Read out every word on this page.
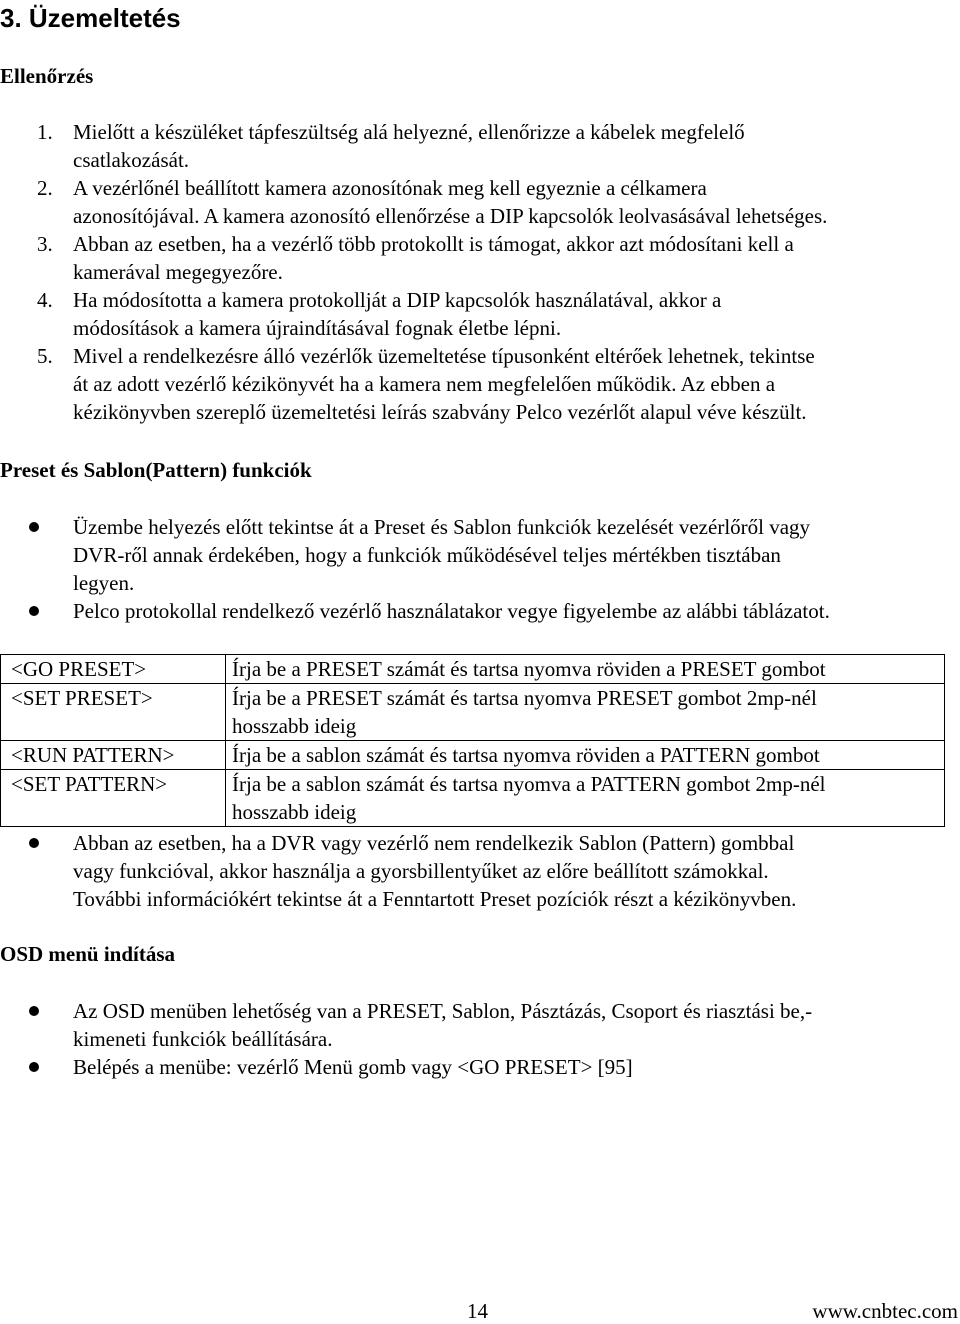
3. Üzemeltetés
Ellenőrzés
1. Mielőtt a készüléket tápfeszültség alá helyezné, ellenőrizze a kábelek megfelelő
csatlakozását.
2. A vezérlőnél beállított kamera azonosítónak meg kell egyeznie a célkamera
azonosítójával. A kamera azonosító ellenőrzése a DIP kapcsolók leolvasásával lehetséges.
3. Abban az esetben, ha a vezérlő több protokollt is támogat, akkor azt módosítani kell a
kamerával megegyezőre.
4. Ha módosította a kamera protokollját a DIP kapcsolók használatával, akkor a
módosítások a kamera újraindításával fognak életbe lépni.
5. Mivel a rendelkezésre álló vezérlők üzemeltetése típusonként eltérőek lehetnek, tekintse
át az adott vezérlő kézikönyvét ha a kamera nem megfelelően működik. Az ebben a
kézikönyvben szereplő üzemeltetési leírás szabvány Pelco vezérlőt alapul véve készült.
Preset és Sablon(Pattern) funkciók
Üzembe helyezés előtt tekintse át a Preset és Sablon funkciók kezelését vezérlőről vagy
DVR-ről annak érdekében, hogy a funkciók működésével teljes mértékben tisztában
legyen.
Pelco protokollal rendelkező vezérlő használatakor vegye figyelembe az alábbi táblázatot.
<GO PRESET>	Írja be a PRESET számát és tartsa nyomva röviden a PRESET gombot

<SET PRESET>	Írja be a PRESET számát és tartsa nyomva PRESET gombot 2mp-nél
hosszabb ideig

<RUN PATTERN>	Írja be a sablon számát és tartsa nyomva röviden a PATTERN gombot

<SET PATTERN>	Írja be a sablon számát és tartsa nyomva a PATTERN gombot 2mp-nél
hosszabb ideig
Abban az esetben, ha a DVR vagy vezérlő nem rendelkezik Sablon (Pattern) gombbal
vagy funkcióval, akkor használja a gyorsbillentyűket az előre beállított számokkal.
További információkért tekintse át a Fenntartott Preset pozíciók részt a kézikönyvben.
OSD menü indítása
Az OSD menüben lehetőség van a PRESET, Sablon, Pásztázás, Csoport és riasztási be,-
kimeneti funkciók beállítására.
Belépés a menübe: vezérlő Menü gomb vagy <GO PRESET> [95]
14	www.cnbtec.com
